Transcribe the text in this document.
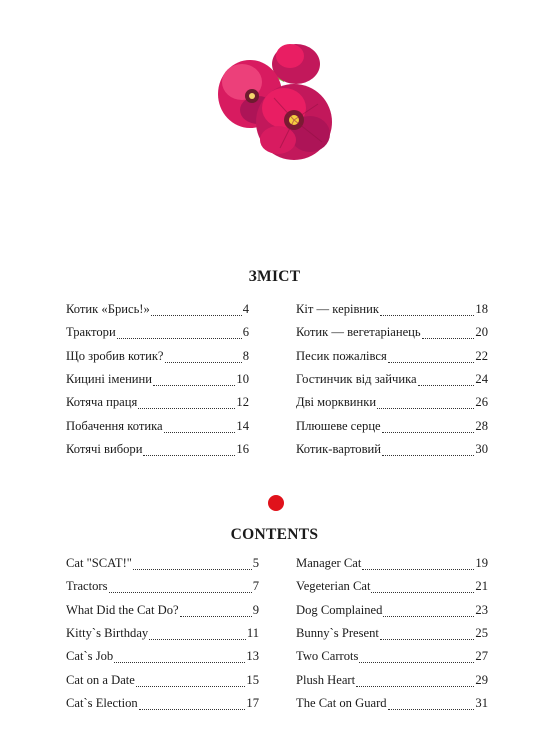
ЗМІСТ
Котик «Брись!»	4
Трактори	6
Що зробив котик?	8
Кицині іменини	10
Котяча праця	12
Побачення котика	14
Котячі вибори	16
Кіт — керівник	18
Котик — вегетаріанець	20
Песик пожалівся	22
Гостинчик від зайчика	24
Дві морквинки	26
Плюшеве серце	28
Котик-вартовий	30
CONTENTS
Cat "SCAT!"	5
Tractors	7
What Did the Cat Do?	9
Kitty`s Birthday	11
Cat`s Job	13
Cat on a Date	15
Cat`s Election	17
Manager Cat	19
Vegeterian Cat	21
Dog Complained	23
Bunny`s Present	25
Two Carrots	27
Plush Heart	29
The Cat on Guard	31
